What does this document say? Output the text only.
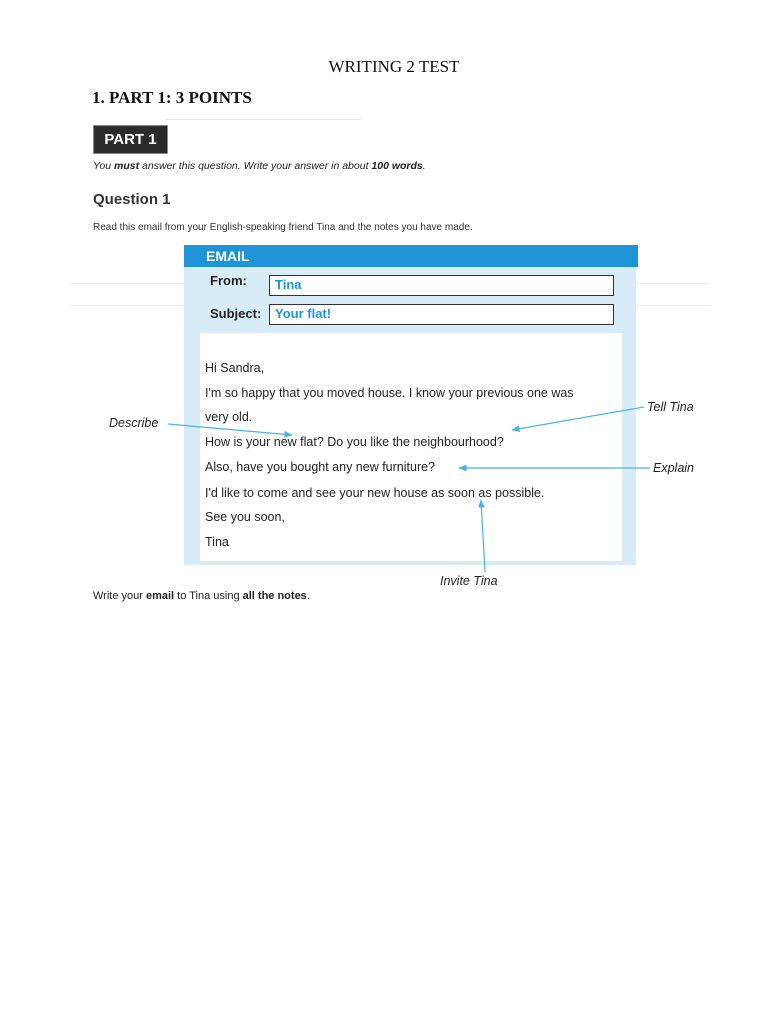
WRITING 2 TEST
1. PART 1: 3 POINTS
PART 1
You must answer this question. Write your answer in about 100 words.
Question 1
Read this email from your English-speaking friend Tina and the notes you have made.
EMAIL
From:	Tina
Subject:	Your flat!
Hi Sandra,
I'm so happy that you moved house. I know your previous one was
very old.
How is your new flat? Do you like the neighbourhood?
Also, have you bought any new furniture?
I'd like to come and see your new house as soon as possible.
See you soon,
Tina
Describe
Tell Tina
Explain
Invite Tina
Write your email to Tina using all the notes.
